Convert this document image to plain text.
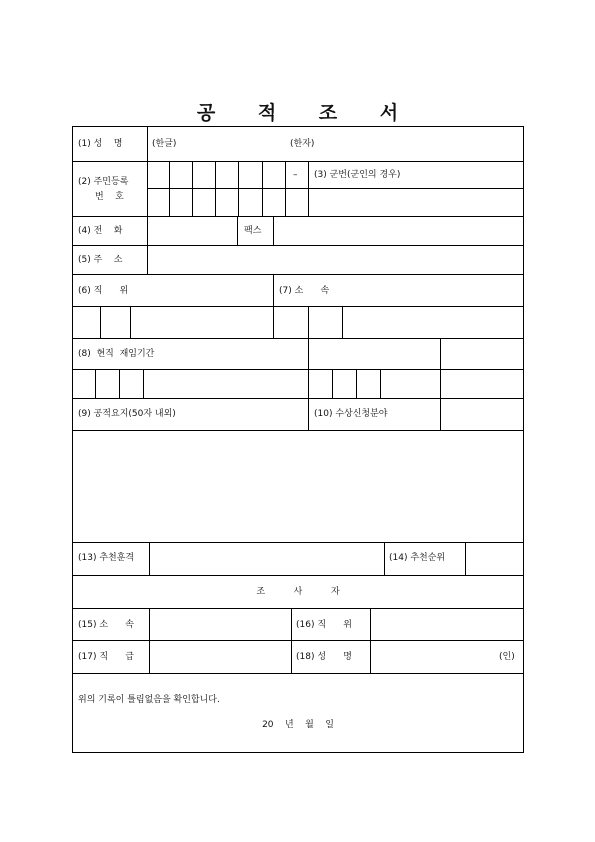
공 적 조 서
(1) 성    명	(한글)	(한자)
(2) 주민등록
번    호
– (3) 군번(군인의 경우)
(4) 전    화	팩스
(5) 주    소
(6) 직      위	(7) 소      속
(8)  현직  재임기간
(9) 공적요지(50자 내외)	(10) 수상신청분야
(13) 추천훈격	(14) 추천순위
조          사          자
(15) 소      속	(16) 직      위
(17) 직      급	(18) 성      명	(인)
위의 기록이 틀림없음을 확인합니다.
20    년    월    일
